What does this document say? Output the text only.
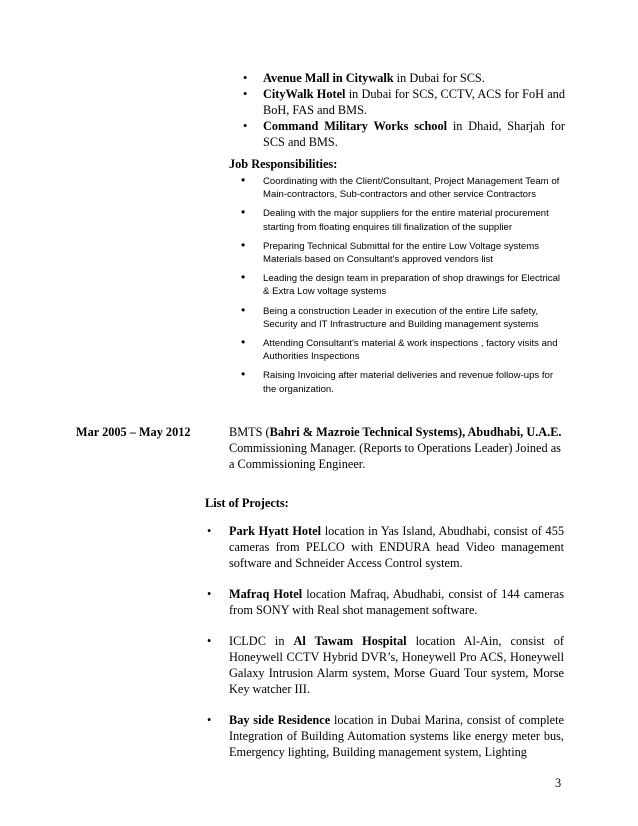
• Avenue Mall in Citywalk in Dubai for SCS.
• CityWalk Hotel in Dubai for SCS, CCTV, ACS for FoH and BoH, FAS and BMS.
• Command Military Works school in Dhaid, Sharjah for SCS and BMS.
Job Responsibilities:
• Coordinating with the Client/Consultant, Project Management Team of Main-contractors, Sub-contractors and other service Contractors
• Dealing with the major suppliers for the entire material procurement starting from floating enquires till finalization of the supplier
• Preparing Technical Submittal for the entire Low Voltage systems Materials based on Consultant's approved vendors list
• Leading the design team in preparation of shop drawings for Electrical & Extra Low voltage systems
• Being a construction Leader in execution of the entire Life safety, Security and IT Infrastructure and Building management systems
• Attending Consultant's material & work inspections , factory visits and Authorities Inspections
• Raising Invoicing after material deliveries and revenue follow-ups for the organization.
Mar 2005 – May 2012	BMTS (Bahri & Mazroie Technical Systems), Abudhabi, U.A.E.
Commissioning Manager. (Reports to Operations Leader) Joined as a Commissioning Engineer.
List of Projects:
• Park Hyatt Hotel location in Yas Island, Abudhabi, consist of 455 cameras from PELCO with ENDURA head Video management software and Schneider Access Control system.
• Mafraq Hotel location Mafraq, Abudhabi, consist of 144 cameras from SONY with Real shot management software.
• ICLDC in Al Tawam Hospital location Al-Ain, consist of Honeywell CCTV Hybrid DVR’s, Honeywell Pro ACS, Honeywell Galaxy Intrusion Alarm system, Morse Guard Tour system, Morse Key watcher III.
• Bay side Residence location in Dubai Marina, consist of complete Integration of Building Automation systems like energy meter bus, Emergency lighting, Building management system, Lighting
3
